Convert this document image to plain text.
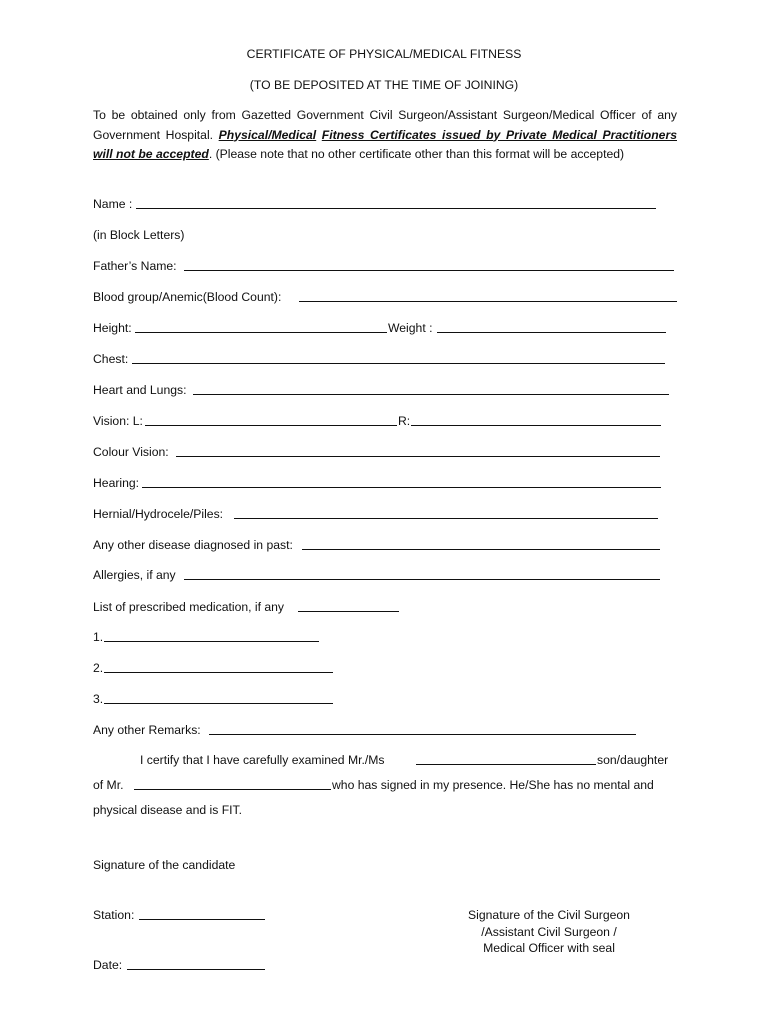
CERTIFICATE OF PHYSICAL/MEDICAL FITNESS
(TO BE DEPOSITED AT THE TIME OF JOINING)
To be obtained only from Gazetted Government Civil Surgeon/Assistant Surgeon/Medical Officer of any Government Hospital. Physical/Medical Fitness Certificates issued by Private Medical Practitioners will not be accepted. (Please note that no other certificate other than this format will be accepted)
Name :
(in Block Letters)
Father’s Name:
Blood group/Anemic(Blood Count):
Height:	Weight :
Chest:
Heart and Lungs:
Vision: L:	R:
Colour Vision:
Hearing:
Hernial/Hydrocele/Piles:
Any other disease diagnosed in past:
Allergies, if any
List of prescribed medication, if any
1.
2.
3.
Any other Remarks:
I certify that I have carefully examined Mr./Ms	son/daughter
of Mr.	who has signed in my presence. He/She has no mental and
physical disease and is FIT.
Signature of the candidate
Station:
Date:
Signature of the Civil Surgeon
/Assistant Civil Surgeon /
Medical Officer with seal
